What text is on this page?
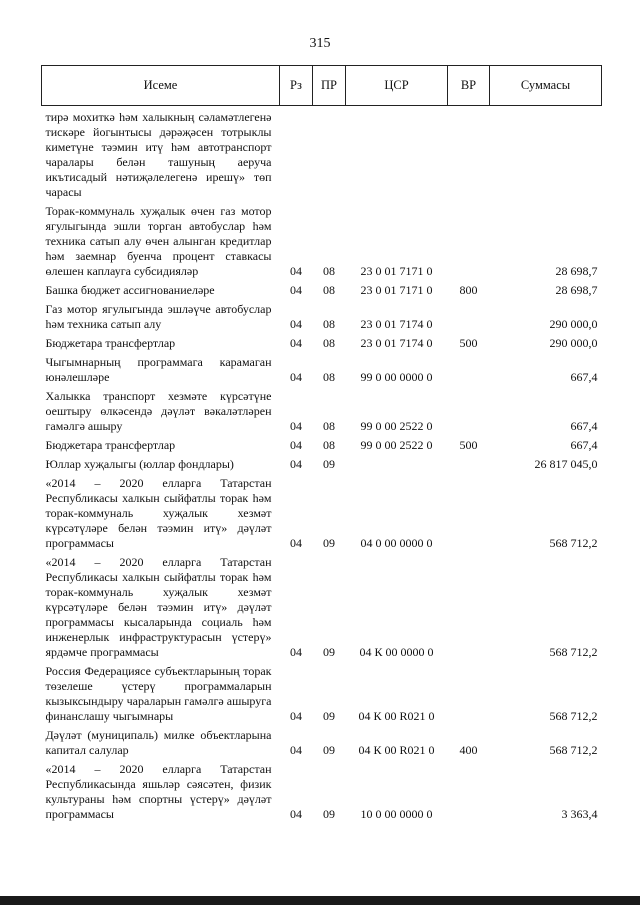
315
Исеме	Рз	ПР	ЦСР	ВР	Суммасы

тирә мохиткә һәм халыкның сәламәтлегенә тискәре йогынтысы дәрәҗәсен тотрыклы киметүне тәэмин итү һәм автотранспорт чаралары белән ташуның аеруча икътисадый нәтиҗәлелегенә ирешү» төп чарасы					

Торак-коммуналь хуҗалык өчен газ мотор ягулыгында эшли торган автобуслар һәм техника сатып алу өчен алынган кредитлар һәм заемнар буенча процент ставкасы өлешен каплауга субсидияләр	04	08	23 0 01 7171 0		28 698,7

Башка бюджет ассигнованиеләре	04	08	23 0 01 7171 0	800	28 698,7

Газ мотор ягулыгында эшләүче автобуслар һәм техника сатып алу	04	08	23 0 01 7174 0		290 000,0

Бюджетара трансфертлар	04	08	23 0 01 7174 0	500	290 000,0

Чыгымнарның программага карамаган юнәлешләре	04	08	99 0 00 0000 0		667,4

Халыкка транспорт хезмәте күрсәтүне оештыру өлкәсендә дәүләт вәкаләтләрен гамәлгә ашыру	04	08	99 0 00 2522 0		667,4

Бюджетара трансфертлар	04	08	99 0 00 2522 0	500	667,4

Юллар хуҗалыгы (юллар фондлары)	04	09			26 817 045,0

«2014 – 2020 елларга Татарстан Республикасы халкын сыйфатлы торак һәм торак-коммуналь хуҗалык хезмәт күрсәтүләре белән тәэмин итү» дәүләт программасы	04	09	04 0 00 0000 0		568 712,2

«2014 – 2020 елларга Татарстан Республикасы халкын сыйфатлы торак һәм торак-коммуналь хуҗалык хезмәт күрсәтүләре белән тәэмин итү» дәүләт программасы кысаларында социаль һәм инженерлык инфраструктурасын үстерү» ярдәмче программасы	04	09	04 К 00 0000 0		568 712,2

Россия Федерациясе субъектларының торак төзелеше үстерү программаларын кызыксындыру чараларын гамәлгә ашыруга финанслашу чыгымнары	04	09	04 К 00 R021 0		568 712,2

Дәүләт (муниципаль) милке объектларына капитал салулар	04	09	04 К 00 R021 0	400	568 712,2

«2014 – 2020 елларга Татарстан Республикасында яшьләр сәясәтен, физик культураны һәм спортны үстерү» дәүләт программасы	04	09	10 0 00 0000 0		3 363,4
